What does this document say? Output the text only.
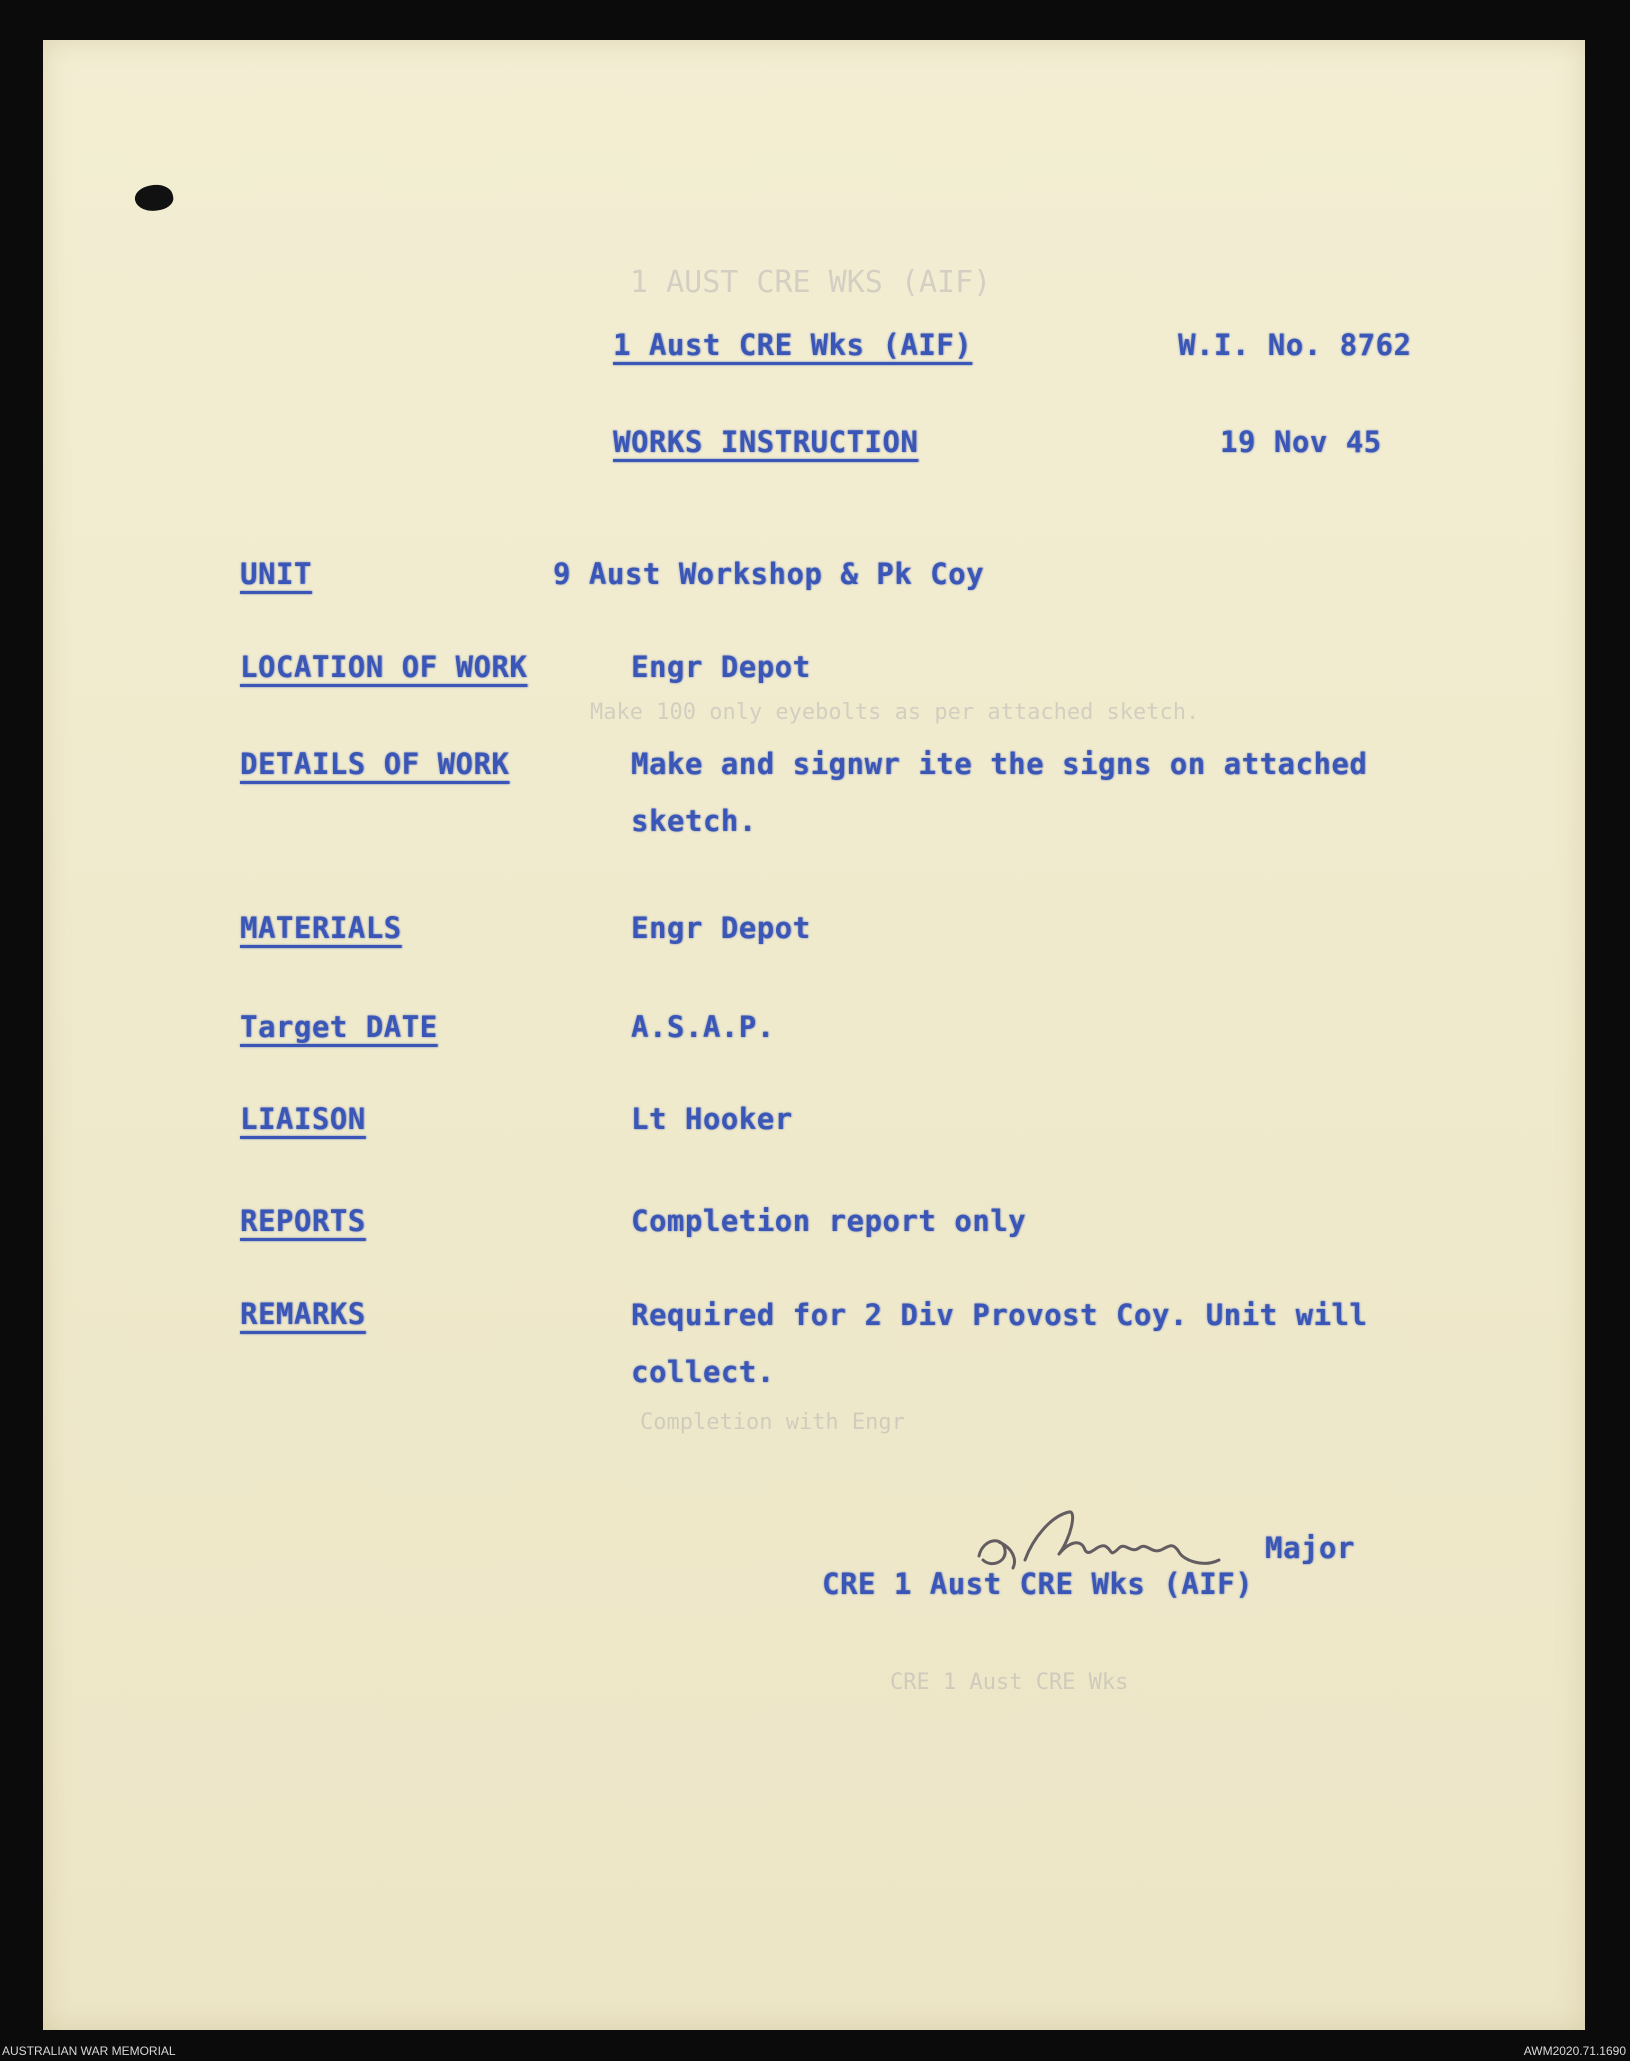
1 AUST CRE WKS (AIF)
Make 100 only eyebolts as per attached sketch.
Completion with Engr
CRE 1 Aust CRE Wks
1 Aust CRE Wks (AIF)	W.I. No. 8762
WORKS INSTRUCTION	19 Nov 45
UNIT	9 Aust Workshop & Pk Coy
LOCATION OF WORK	Engr Depot
DETAILS OF WORK	Make and signwr ite the signs on attached sketch.
MATERIALS	Engr Depot
Target DATE	A.S.A.P.
LIAISON	Lt Hooker
REPORTS	Completion report only
REMARKS	Required for 2 Div Provost Coy. Unit will collect.
Major
CRE 1 Aust CRE Wks (AIF)
AUSTRALIAN WAR MEMORIAL	AWM2020.71.1690
